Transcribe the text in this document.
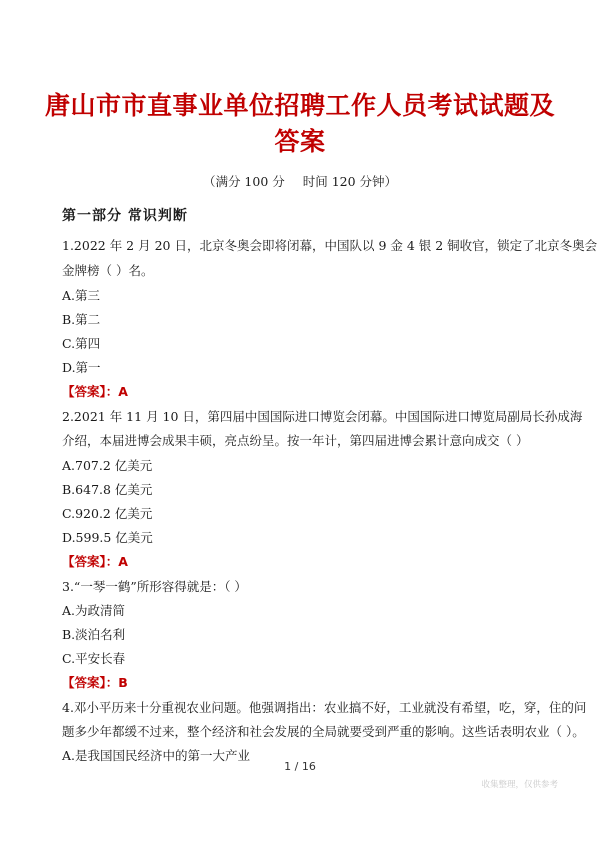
唐山市市直事业单位招聘工作人员考试试题及
答案
（满分 100 分 时间 120 分钟）
第一部分 常识判断
1.2022 年 2 月 20 日，北京冬奥会即将闭幕，中国队以 9 金 4 银 2 铜收官，锁定了北京冬奥会
金牌榜（ ）名。
A.第三
B.第二
C.第四
D.第一
【答案】：A
2.2021 年 11 月 10 日，第四届中国国际进口博览会闭幕。中国国际进口博览局副局长孙成海
介绍，本届进博会成果丰硕，亮点纷呈。按一年计，第四届进博会累计意向成交（ ）
A.707.2 亿美元
B.647.8 亿美元
C.920.2 亿美元
D.599.5 亿美元
【答案】：A
3.“一琴一鹤”所形容得就是：（ ）
A.为政清简
B.淡泊名利
C.平安长春
【答案】：B
4.邓小平历来十分重视农业问题。他强调指出：农业搞不好，工业就没有希望，吃，穿，住的问
题多少年都缓不过来，整个经济和社会发展的全局就要受到严重的影响。这些话表明农业（ ）。
A.是我国国民经济中的第一大产业
1 / 16
收集整理，仅供参考
